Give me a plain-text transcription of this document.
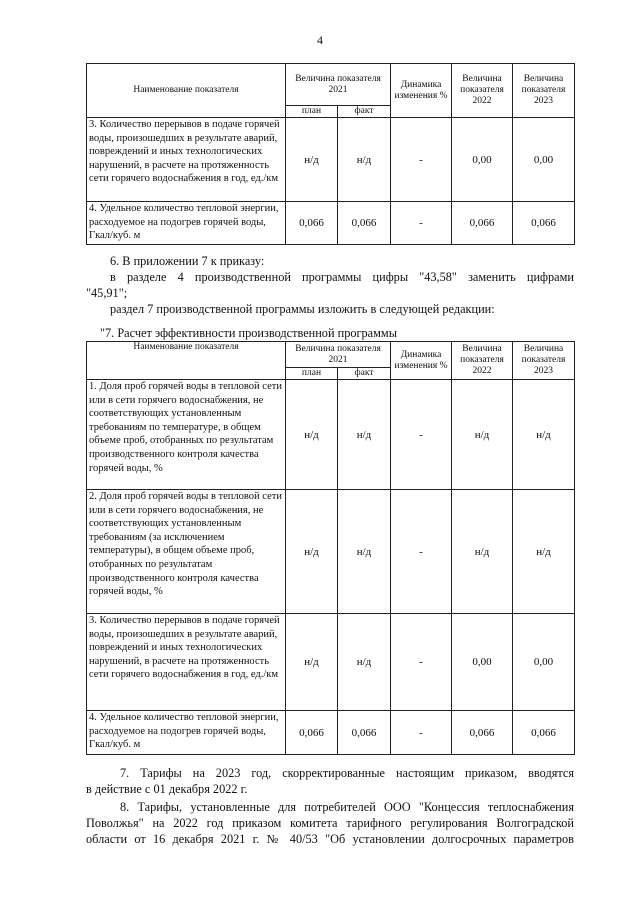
4
Наименование показателя	Величина показателя 2021		Динамика изменения %	Величина показателя 2022	Величина показателя 2023
	план	факт			
3. Количество перерывов в подаче горячей воды, произошедших в результате аварий, повреждений и иных технологических нарушений, в расчете на протяженность сети горячего водоснабжения в год, ед./км	н/д	н/д	-	0,00	0,00
4. Удельное количество тепловой энергии, расходуемое на подогрев горячей воды, Гкал/куб. м	0,066	0,066	-	0,066	0,066
6. В приложении 7 к приказу:
в разделе 4 производственной программы цифры "43,58" заменить цифрами
"45,91";
раздел 7 производственной программы изложить в следующей редакции:
"7. Расчет эффективности производственной программы
Наименование показателя	Величина показателя 2021		Динамика изменения %	Величина показателя 2022	Величина показателя 2023
	план	факт			
1. Доля проб горячей воды в тепловой сети или в сети горячего водоснабжения, не соответствующих установленным требованиям по температуре, в общем объеме проб, отобранных по результатам производственного контроля качества горячей воды, %	н/д	н/д	-	н/д	н/д
2. Доля проб горячей воды в тепловой сети или в сети горячего водоснабжения, не соответствующих установленным требованиям (за исключением температуры), в общем объеме проб, отобранных по результатам производственного контроля качества горячей воды, %	н/д	н/д	-	н/д	н/д
3. Количество перерывов в подаче горячей воды, произошедших в результате аварий, повреждений и иных технологических нарушений, в расчете на протяженность сети горячего водоснабжения в год, ед./км	н/д	н/д	-	0,00	0,00
4. Удельное количество тепловой энергии, расходуемое на подогрев горячей воды, Гкал/куб. м	0,066	0,066	-	0,066	0,066
7. Тарифы на 2023 год, скорректированные настоящим приказом, вводятся
в действие с 01 декабря 2022 г.
8. Тарифы, установленные для потребителей ООО "Концессия теплоснабжения
Поволжья" на 2022 год приказом комитета тарифного регулирования Волгоградской
области от 16 декабря 2021 г. № 40/53 "Об установлении долгосрочных параметров
